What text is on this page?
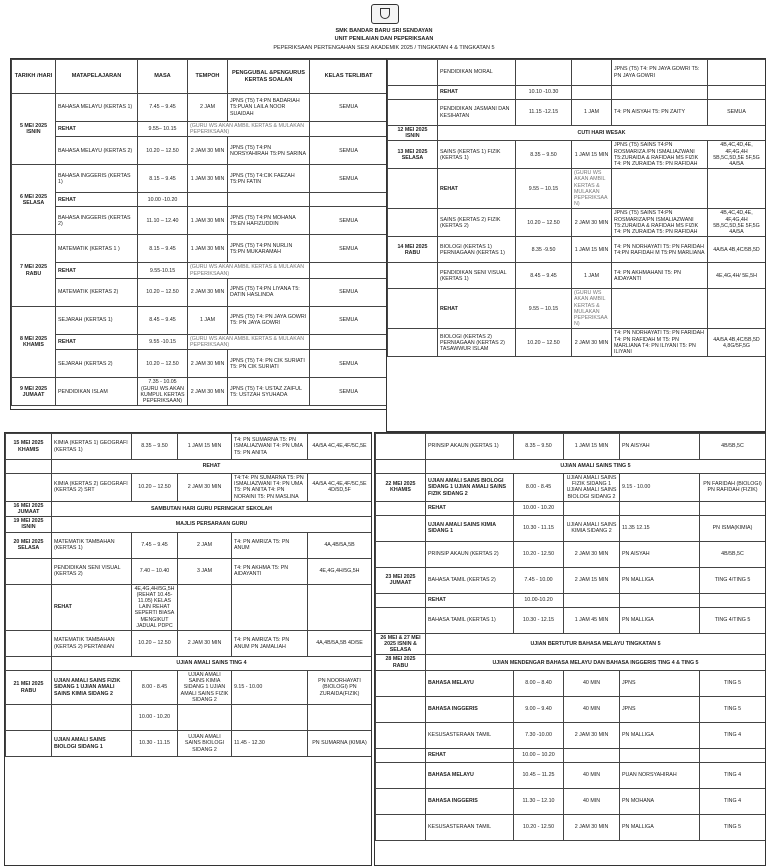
SMK BANDAR BARU SRI SENDAYAN
UNIT PENILAIAN DAN PEPERIKSAAN
PEPERIKSAAN PERTENGAHAN SESI AKADEMIK 2025 / TINGKATAN 4 & TINGKATAN 5
TARIKH /HARI	MATAPELAJARAN	MASA	TEMPOH	PENGGUBAL &PENGURUS KERTAS SOALAN	KELAS TERLIBAT
5 MEI 2025 ISNIN	BAHASA MELAYU (KERTAS 1)	7.45 – 9.45	2 JAM	JPNS (T5) T4:PN BADARIAH T5:PUAN LAILA NOOR SUAIDAH	SEMUA
	REHAT	9.55– 10.15	(GURU WS AKAN AMBIL KERTAS & MULAKAN PEPERIKSAAN)		
	BAHASA MELAYU (KERTAS 2)	10.20 – 12.50	2 JAM 30 MIN	JPNS (T5) T4:PN NORSYAHIRAH T5:PN SARINA	SEMUA
6 MEI 2025 SELASA	BAHASA INGGERIS (KERTAS 1)	8.15 – 9.45	1 JAM 30 MIN	JPNS (T5) T4:CIK FAEZAH T5:PN FATIN	SEMUA
	REHAT	10.00 -10.20			
	BAHASA INGGERIS (KERTAS 2)	11.10 – 12.40	1 JAM 30 MIN	JPNS (T5) T4:PN MOHANA T5:EN HAFIZUDDIN	SEMUA
7 MEI 2025 RABU	MATEMATIK (KERTAS 1 )	8.15 – 9.45	1 JAM 30 MIN	JPNS (T5) T4:PN NURLIN T5:PN MUKARAMAH	SEMUA
	REHAT	9.55-10.15	(GURU WS AKAN AMBIL KERTAS & MULAKAN PEPERIKSAAN)		
	MATEMATIK (KERTAS 2)	10.20 – 12.50	2 JAM 30 MIN	JPNS (T5) T4:PN LIYANA T5: DATIN HASLINDA	SEMUA
8 MEI 2025 KHAMIS	SEJARAH (KERTAS 1)	8.45 – 9.45	1 JAM	JPNS (T5) T4: PN JAYA GOWRI T5: PN JAYA GOWRI	SEMUA
	REHAT	9.55 -10.15	(GURU WS AKAN AMBIL KERTAS & MULAKAN PEPERIKSAAN)		
	SEJARAH (KERTAS 2)	10.20 – 12.50	2 JAM 30 MIN	JPNS (T5) T4: PN CIK SURIATI T5: PN CIK SURIATI	SEMUA
9 MEI 2025 JUMAAT	PENDIDIKAN ISLAM	7.35 - 10.05 (GURU WS AKAN KUMPUL KERTAS PEPERIKSAAN)	2 JAM 30 MIN	JPNS (T5) T4: USTAZ ZAIFUL T5: USTZAH SYUHADA	SEMUA
	PENDIDIKAN MORAL			JPNS (T5) T4: PN JAYA GOWRI T5: PN JAYA GOWRI	
	REHAT	10.10 -10.30			
	PENDIDIKAN JASMANI DAN KESIHATAN	11.15 -12.15	1 JAM	T4: PN AISYAH T5: PN ZAITY	SEMUA
12 MEI 2025 ISNIN	CUTI HARI WESAK				
13 MEI 2025 SELASA	SAINS (KERTAS 1) FIZIK (KERTAS 1)	8.35 – 9.50	1 JAM 15 MIN	JPNS (T5) SAINS T4:PN ROSMARIZA /PN ISMALIAZWANI T5:ZURAIDA & RAFIDAH MS FIZIK T4: PN ZURAIDA T5: PN RAFIDAH	4B,4C,4D,4E, 4F,4G,4H 5B,5C,5D,5E 5F,5G 4A/5A
	REHAT	9.55 – 10.15	(GURU WS AKAN AMBIL KERTAS & MULAKAN PEPERIKSAAN)		
	SAINS (KERTAS 2) FIZIK (KERTAS 2)	10.20 – 12.50	2 JAM 30 MIN	JPNS (T5) SAINS T4:PN ROSMARIZA/PN ISMALIAZWANI T5:ZURAIDA & RAFIDAH MS FIZIK T4: PN ZURAIDA T5: PN RAFIDAH	4B,4C,4D,4E, 4F,4G,4H 5B,5C,5D,5E 5F,5G 4A/5A
14 MEI 2025 RABU	BIOLOGI (KERTAS 1) PERNIAGAAN (KERTAS 1)	8.35 -9.50	1 JAM 15 MIN	T4: PN NORHAYATI T5: PN FARIDAH T4:PN RAFIDAH M T5:PN MARLIANA	4A/5A 4B,4C/5B,5D
	PENDIDIKAN SENI VISUAL (KERTAS 1)	8.45 – 9.45	1 JAM	T4: PN AKHMAHANI T5: PN AIDAYANTI	4E,4G,4H/ 5E,5H
	REHAT	9.55 – 10.15	(GURU WS AKAN AMBIL KERTAS & MULAKAN PEPERIKSAAN)		
	BIOLOGI (KERTAS 2) PERNIAGAAN (KERTAS 2) TASAWWUR ISLAM	10.20 – 12.50	2 JAM 30 MIN	T4: PN NORHAYATI T5: PN FARIDAH T4: PN RAFIDAH M T5: PN MARLIANA T4: PN ILIYANI T5: PN ILIYANI	4A/5A 4B,4C/5B,5D 4,8G/5F,5G
15 MEI 2025 KHAMIS	KIMIA (KERTAS 1) GEOGRAFI (KERTAS 1)	8.35 – 9.50	1 JAM 15 MIN	T4: PN SUMARNA T5: PN ISMALIAZWANI T4: PN UMA T5: PN ANITA	4A/5A 4C,4E,4F/5C,5E
	REHAT				
	KIMIA (KERTAS 2) GEOGRAFI (KERTAS 2) SRT	10.20 – 12.50	2 JAM 30 MIN	T4:T4: PN SUMARNA T5: PN ISMALIAZWANI T4: PN UMA T5: PN ANITA T4: PN NORAINI T5: PN MASLINA	4A/5A 4C,4E,4F/5C,5E 4D/5D,5F
16 MEI 2025 JUMAAT	SAMBUTAN HARI GURU PERINGKAT SEKOLAH				
19 MEI 2025 ISNIN	MAJLIS PERSARAAN GURU				
20 MEI 2025 SELASA	MATEMATIK TAMBAHAN (KERTAS 1)	7.45 – 9.45	2 JAM	T4: PN AMRIZA T5: PN ANUM	4A,4B/5A,5B
	PENDIDIKAN SENI VISUAL (KERTAS 2)	7.40 – 10.40	3 JAM	T4: PN AKHMA T5: PN AIDAYANTI	4E,4G,4H/5G,5H
	REHAT	4E,4G,4H/5G,5H (REHAT 10.45-11.05) KELAS LAIN REHAT SEPERTI BIASA MENGIKUT JADUAL PDPC			
	MATEMATIK TAMBAHAN (KERTAS 2) PERTANIAN	10.20 – 12.50	2 JAM 30 MIN	T4: PN AMRIZA T5: PN ANUM PN JAMALIAH	4A,4B/5A,5B 4D/5E
	UJIAN AMALI SAINS TING 4				
21 MEI 2025 RABU	UJIAN AMALI SAINS FIZIK SIDANG 1 UJIAN AMALI SAINS KIMIA SIDANG 2	8.00 - 8.45	UJIAN AMALI SAINS KIMIA SIDANG 1 UJIAN AMALI SAINS FIZIK SIDANG 2	9.15 - 10.00	PN NOORHAYATI (BIOLOGI) PN ZURAIDA(FIZIK)
		10.00 - 10.20			
	UJIAN AMALI SAINS BIOLOGI SIDANG 1	10.30 - 11.15	UJIAN AMALI SAINS BIOLOGI SIDANG 2	11.45 - 12.30	PN SUMARNA (KIMIA)
	PRINSIP AKAUN (KERTAS 1)	8.35 – 9.50	1 JAM 15 MIN	PN AISYAH	4B/5B,5C
	UJIAN AMALI SAINS TING 5				
22 MEI 2025 KHAMIS	UJIAN AMALI SAINS BIOLOGI SIDANG 1 UJIAN AMALI SAINS FIZIK SIDANG 2	8.00 - 8.45	UJIAN AMALI SAINS FIZIK SIDANG 1 UJIAN AMALI SAINS BIOLOGI SIDANG 2	9.15 - 10.00	PN FARIDAH (BIOLOGI) PN RAFIDAH (FIZIK)
	REHAT	10.00 - 10.20			
	UJIAN AMALI SAINS KIMIA SIDANG 1	10.30 - 11.15	UJIAN AMALI SAINS KIMIA SIDANG 2	11.35 12.15	PN ISMA(KIMIA)
	PRINSIP AKAUN (KERTAS 2)	10.20 - 12.50	2 JAM 30 MIN	PN AISYAH	4B/5B,5C
23 MEI 2025 JUMAAT	BAHASA TAMIL (KERTAS 2)	7.45 - 10.00	2 JAM 15 MIN	PN MALLIGA	TING 4/TING 5
	REHAT	10.00-10.20			
	BAHASA TAMIL (KERTAS 1)	10.30 - 12.15	1 JAM 45 MIN	PN MALLIGA	TING 4/TING 5
26 MEI & 27 MEI 2025 ISNIN & SELASA	UJIAN BERTUTUR BAHASA MELAYU TINGKATAN 5				
28 MEI 2025 RABU	UJIAN MENDENGAR BAHASA MELAYU DAN BAHASA INGGERIS TING 4 & TING 5				
	BAHASA MELAYU	8.00 – 8.40	40 MIN	JPNS	TING 5
	BAHASA INGGERIS	9.00 – 9.40	40 MIN	JPNS	TING 5
	KESUSASTERAAN TAMIL	7.30 -10.00	2 JAM 30 MIN	PN MALLIGA	TING 4
	REHAT	10.00 – 10.20			
	BAHASA MELAYU	10.45 – 11.25	40 MIN	PUAN NORSYAHIRAH	TING 4
	BAHASA INGGERIS	11.30 – 12.10	40 MIN	PN MOHANA	TING 4
	KESUSASTERAAN TAMIL	10.20 - 12.50	2 JAM 30 MIN	PN MALLIGA	TING 5
